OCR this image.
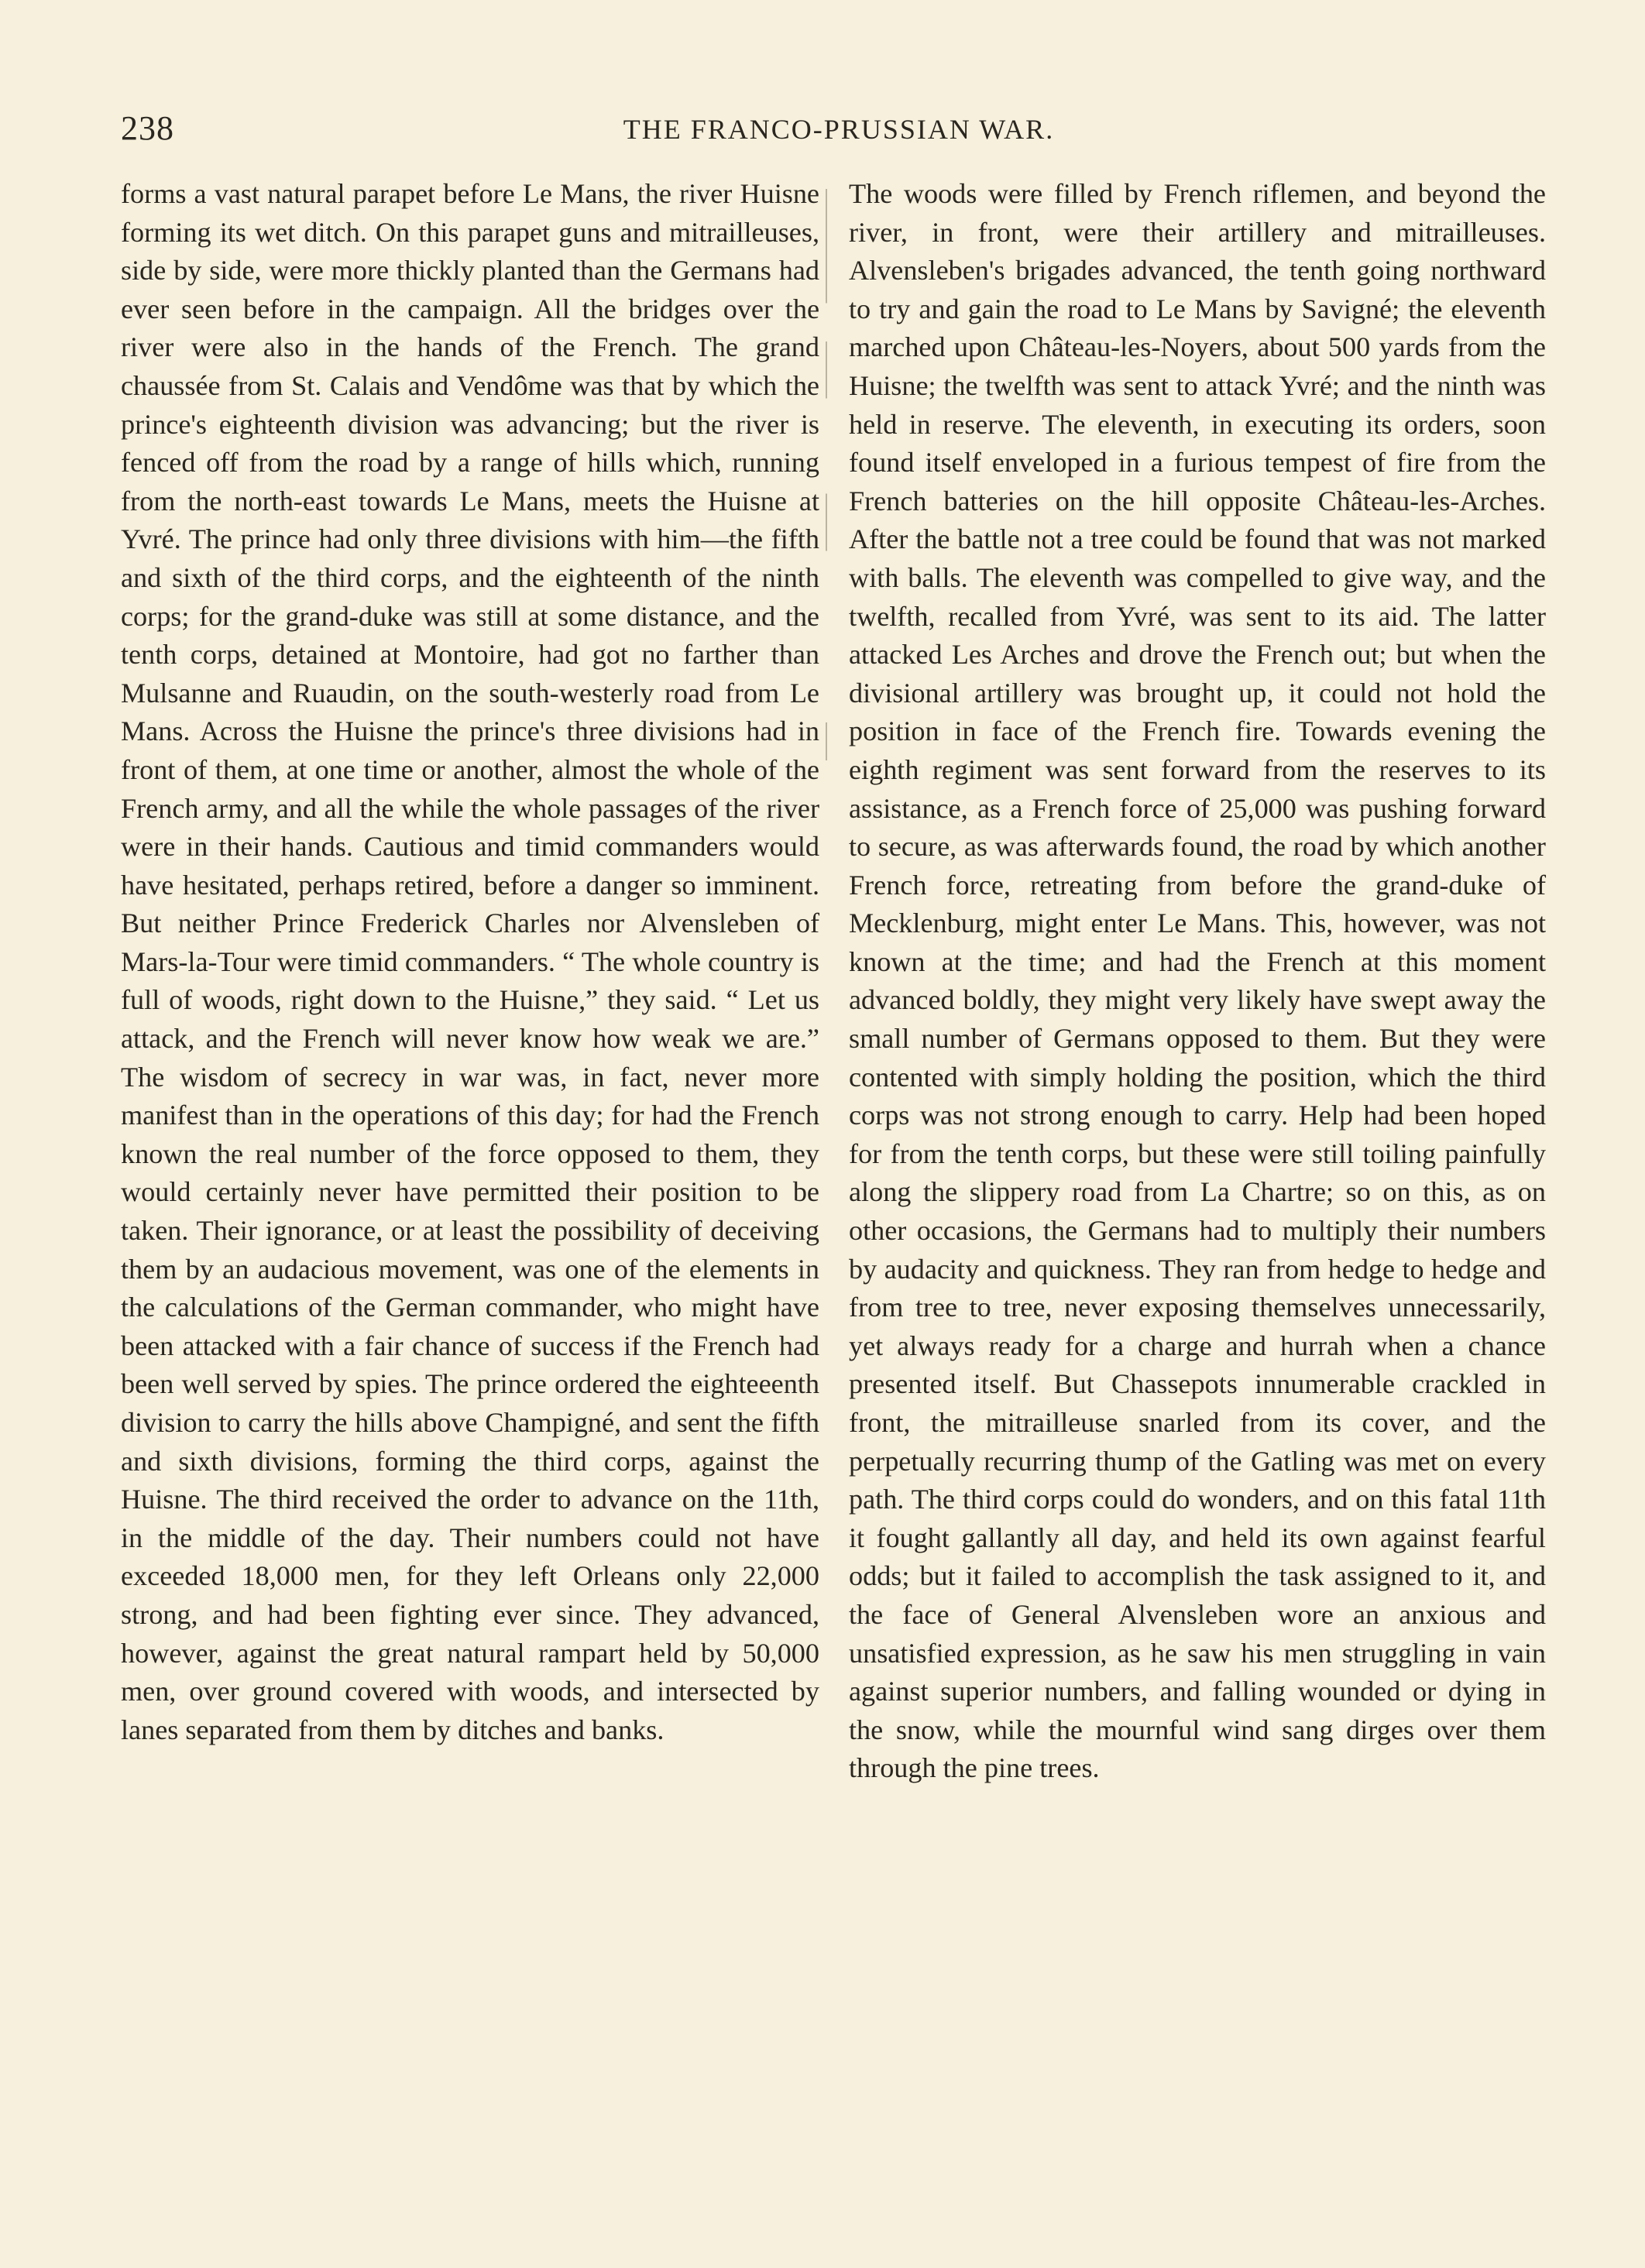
238	THE FRANCO-PRUSSIAN WAR.

forms a vast natural parapet before Le Mans, the river Huisne forming its wet ditch. On this parapet guns and mitrailleuses, side by side, were more thickly planted than the Germans had ever seen before in the campaign. All the bridges over the river were also in the hands of the French. The grand chaussée from St. Calais and Vendôme was that by which the prince's eighteenth division was advancing; but the river is fenced off from the road by a range of hills which, running from the north-east towards Le Mans, meets the Huisne at Yvré. The prince had only three divisions with him—the fifth and sixth of the third corps, and the eighteenth of the ninth corps; for the grand-duke was still at some distance, and the tenth corps, detained at Montoire, had got no farther than Mulsanne and Ruaudin, on the south-westerly road from Le Mans. Across the Huisne the prince's three divisions had in front of them, at one time or another, almost the whole of the French army, and all the while the whole passages of the river were in their hands. Cautious and timid commanders would have hesitated, perhaps retired, before a danger so imminent. But neither Prince Frederick Charles nor Alvensleben of Mars-la-Tour were timid commanders. “ The whole country is full of woods, right down to the Huisne,” they said. “ Let us attack, and the French will never know how weak we are.” The wisdom of secrecy in war was, in fact, never more manifest than in the operations of this day; for had the French known the real number of the force opposed to them, they would certainly never have permitted their position to be taken. Their ignorance, or at least the possibility of deceiving them by an audacious movement, was one of the elements in the calculations of the German commander, who might have been attacked with a fair chance of success if the French had been well served by spies. The prince ordered the eighteeenth division to carry the hills above Champigné, and sent the fifth and sixth divisions, forming the third corps, against the Huisne. The third received the order to advance on the 11th, in the middle of the day. Their numbers could not have exceeded 18,000 men, for they left Orleans only 22,000 strong, and had been fighting ever since. They advanced, however, against the great natural rampart held by 50,000 men, over ground covered with woods, and intersected by lanes separated from them by ditches and banks.

The woods were filled by French riflemen, and beyond the river, in front, were their artillery and mitrailleuses. Alvensleben's brigades advanced, the tenth going northward to try and gain the road to Le Mans by Savigné; the eleventh marched upon Château-les-Noyers, about 500 yards from the Huisne; the twelfth was sent to attack Yvré; and the ninth was held in reserve. The eleventh, in executing its orders, soon found itself enveloped in a furious tempest of fire from the French batteries on the hill opposite Château-les-Arches. After the battle not a tree could be found that was not marked with balls. The eleventh was compelled to give way, and the twelfth, recalled from Yvré, was sent to its aid. The latter attacked Les Arches and drove the French out; but when the divisional artillery was brought up, it could not hold the position in face of the French fire. Towards evening the eighth regiment was sent forward from the reserves to its assistance, as a French force of 25,000 was pushing forward to secure, as was afterwards found, the road by which another French force, retreating from before the grand-duke of Mecklenburg, might enter Le Mans. This, however, was not known at the time; and had the French at this moment advanced boldly, they might very likely have swept away the small number of Germans opposed to them. But they were contented with simply holding the position, which the third corps was not strong enough to carry. Help had been hoped for from the tenth corps, but these were still toiling painfully along the slippery road from La Chartre; so on this, as on other occasions, the Germans had to multiply their numbers by audacity and quickness. They ran from hedge to hedge and from tree to tree, never exposing themselves unnecessarily, yet always ready for a charge and hurrah when a chance presented itself. But Chassepots innumerable crackled in front, the mitrailleuse snarled from its cover, and the perpetually recurring thump of the Gatling was met on every path. The third corps could do wonders, and on this fatal 11th it fought gallantly all day, and held its own against fearful odds; but it failed to accomplish the task assigned to it, and the face of General Alvensleben wore an anxious and unsatisfied expression, as he saw his men struggling in vain against superior numbers, and falling wounded or dying in the snow, while the mournful wind sang dirges over them through the pine trees.
